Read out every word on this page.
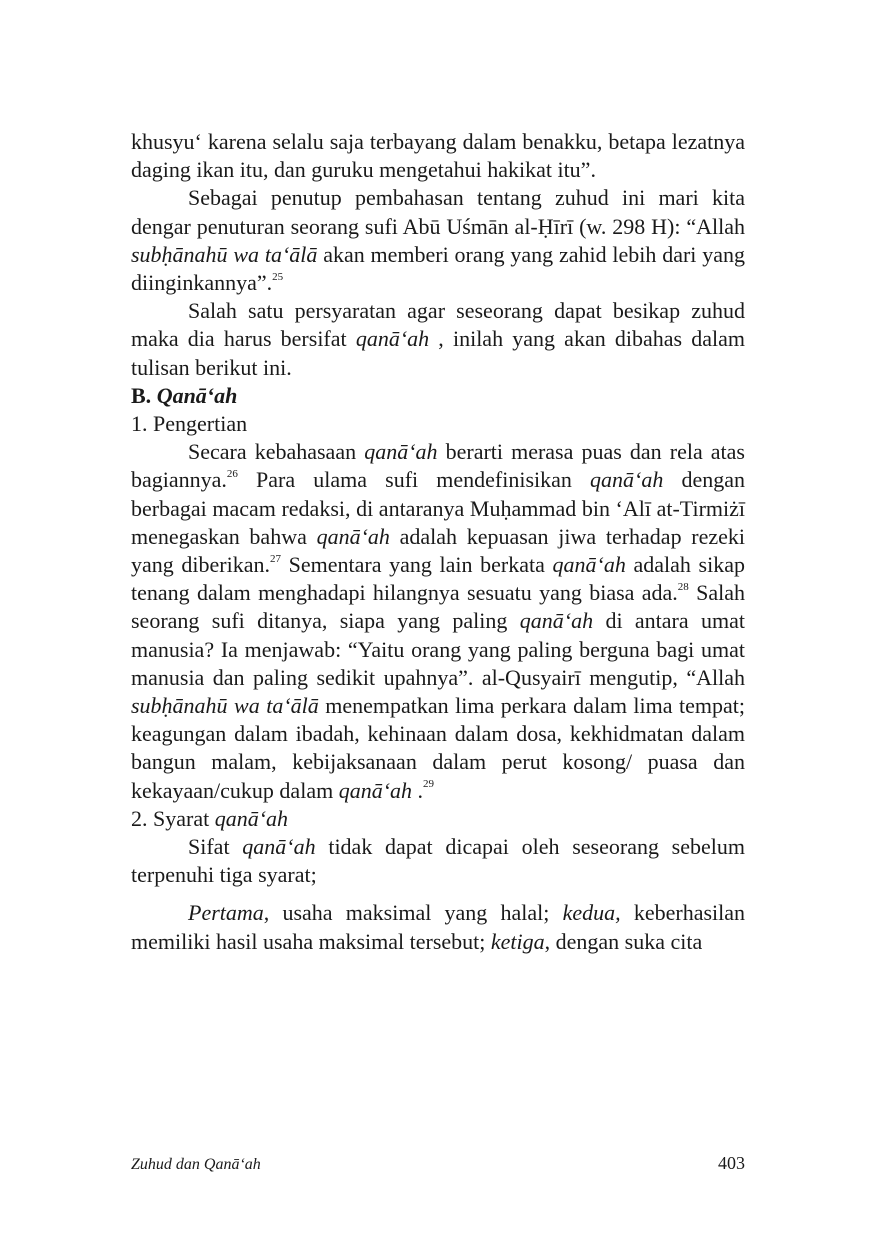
khusyu‘ karena selalu saja terbayang dalam benakku, betapa lezatnya daging ikan itu, dan guruku mengetahui hakikat itu”.

Sebagai penutup pembahasan tentang zuhud ini mari kita dengar penuturan seorang sufi Abū Uśmān al-Ḥīrī (w. 298 H): “Allah subḥānahū wa ta‘ālā akan memberi orang yang zahid lebih dari yang diinginkannya”.$^{25}$

Salah satu persyaratan agar seseorang dapat besikap zuhud maka dia harus bersifat qanā‘ah , inilah yang akan dibahas dalam tulisan berikut ini.

B. Qanā‘ah

1. Pengertian

Secara kebahasaan qanā‘ah berarti merasa puas dan rela atas bagiannya.$^{26}$ Para ulama sufi mendefinisikan qanā‘ah dengan berbagai macam redaksi, di antaranya Muḥammad bin ‘Alī at-Tirmiżī menegaskan bahwa qanā‘ah adalah kepuasan jiwa terhadap rezeki yang diberikan.$^{27}$ Sementara yang lain berkata qanā‘ah adalah sikap tenang dalam menghadapi hilangnya sesuatu yang biasa ada.$^{28}$ Salah seorang sufi ditanya, siapa yang paling qanā‘ah di antara umat manusia? Ia menjawab: “Yaitu orang yang paling berguna bagi umat manusia dan paling sedikit upahnya”. al-Qusyairī mengutip, “Allah subḥānahū wa ta‘ālā menempatkan lima perkara dalam lima tempat; keagungan dalam ibadah, kehinaan dalam dosa, kekhidmatan dalam bangun malam, kebijaksanaan dalam perut kosong/ puasa dan kekayaan/cukup dalam qanā‘ah .$^{29}$

2. Syarat qanā‘ah

Sifat qanā‘ah tidak dapat dicapai oleh seseorang sebelum terpenuhi tiga syarat;

Pertama, usaha maksimal yang halal; kedua, keberhasilan memiliki hasil usaha maksimal tersebut; ketiga, dengan suka cita

Zuhud dan Qanā‘ah	403
